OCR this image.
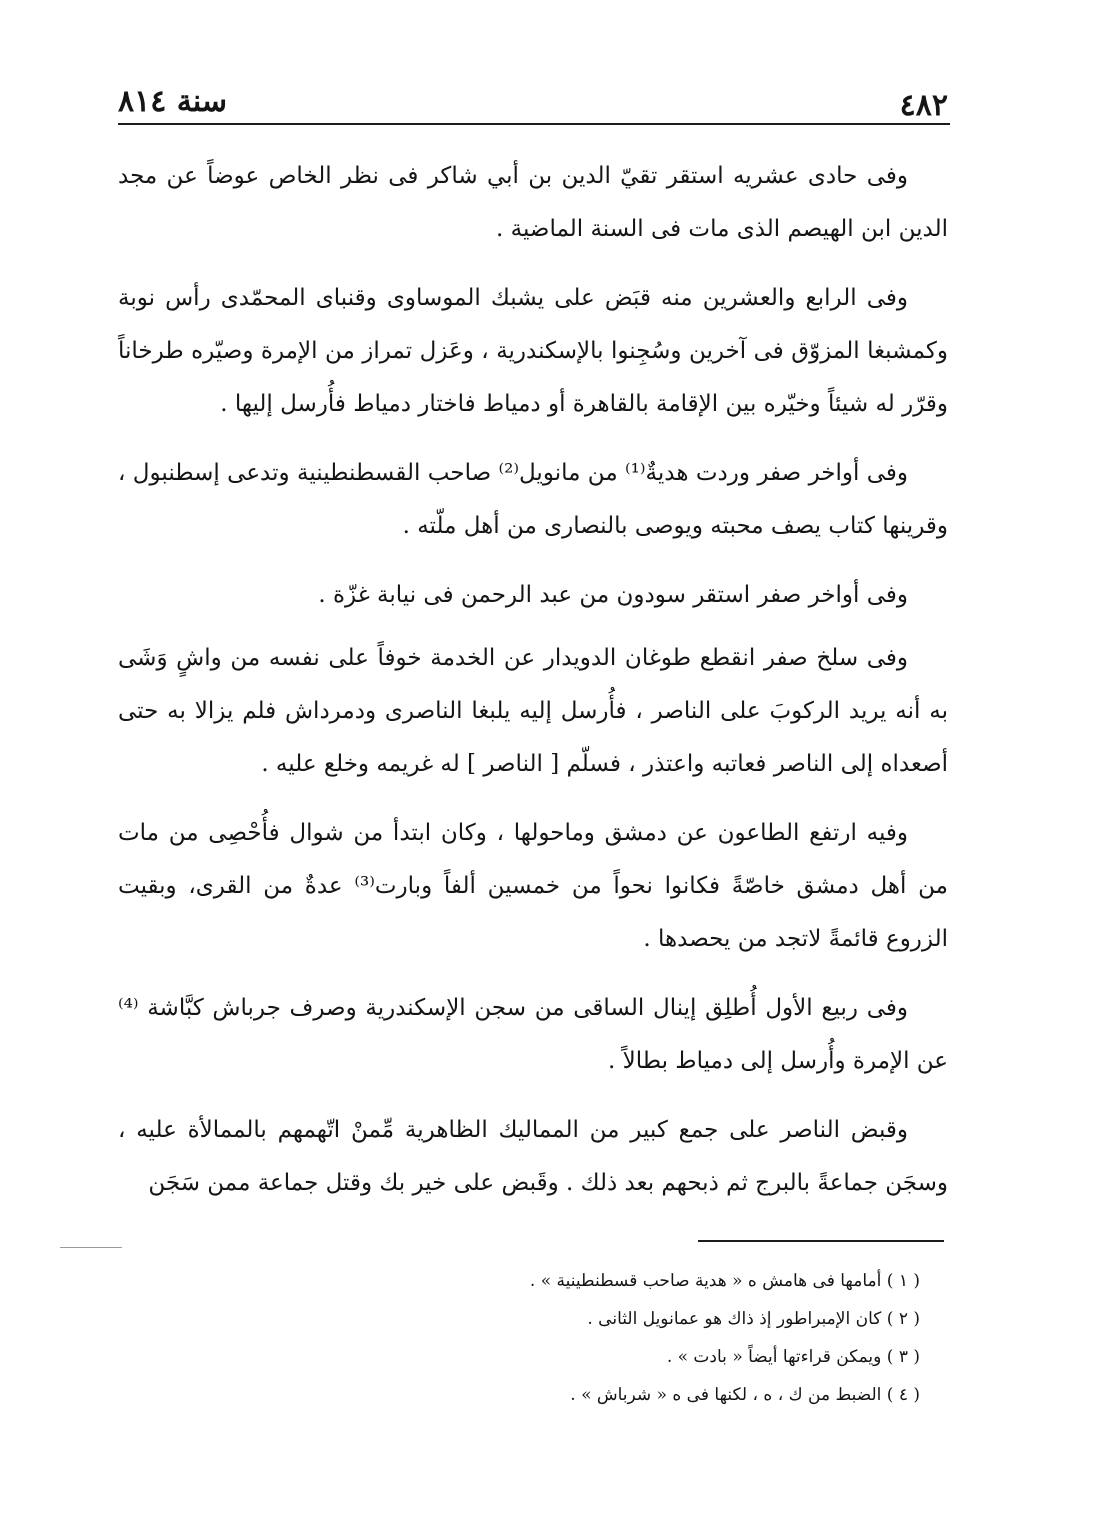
٤٨٢
سنة ٨١٤

وفى حادى عشريه استقر تقيّ الدين بن أبي شاكر فى نظر الخاص عوضاً عن مجد الدين ابن الهيصم الذى مات فى السنة الماضية .

وفى الرابع والعشرين منه قبَض على يشبك الموساوى وقنباى المحمّدى رأس نوبة وكمشبغا المزوّق فى آخرين وسُجِنوا بالإسكندرية ، وعَزل تمراز من الإمرة وصيّره طرخاناً وقرّر له شيئاً وخيّره بين الإقامة بالقاهرة أو دمياط فاختار دمياط فأُرسل إليها .

وفى أواخر صفر وردت هديةٌ⁽¹⁾ من مانويل⁽²⁾ صاحب القسطنطينية وتدعى إسطنبول ، وقرينها كتاب يصف محبته ويوصى بالنصارى من أهل ملّته .

وفى أواخر صفر استقر سودون من عبد الرحمن فى نيابة غزّة .

وفى سلخ صفر انقطع طوغان الدويدار عن الخدمة خوفاً على نفسه من واشٍ وَشَى به أنه يريد الركوبَ على الناصر ، فأُرسل إليه يلبغا الناصرى ودمرداش فلم يزالا به حتى أصعداه إلى الناصر فعاتبه واعتذر ، فسلّم [ الناصر ] له غريمه وخلع عليه .

وفيه ارتفع الطاعون عن دمشق وماحولها ، وكان ابتدأ من شوال فأُحْصِى من مات من أهل دمشق خاصّةً فكانوا نحواً من خمسين ألفاً وبارت⁽³⁾ عدةٌ من القرى، وبقيت الزروع قائمةً لاتجد من يحصدها .

وفى ربيع الأول أُطلِق إينال الساقى من سجن الإسكندرية وصرف جرباش كبَّاشة ⁽⁴⁾ عن الإمرة وأُرسل إلى دمياط بطالاً .

وقبض الناصر على جمع كبير من المماليك الظاهرية مِّمنْ اتّهمهم بالممالأة عليه ، وسجَن جماعةً بالبرج ثم ذبحهم بعد ذلك . وقَبض على خير بك وقتل جماعة ممن سَجَن

( ١ ) أمامها فى هامش ه « هدية صاحب قسطنطينية » .

( ٢ ) كان الإمبراطور إذ ذاك هو عمانويل الثانى .

( ٣ ) ويمكن قراءتها أيضاً « بادت » .

( ٤ ) الضبط من ك ، ه ، لكنها فى ه « شرباش » .
